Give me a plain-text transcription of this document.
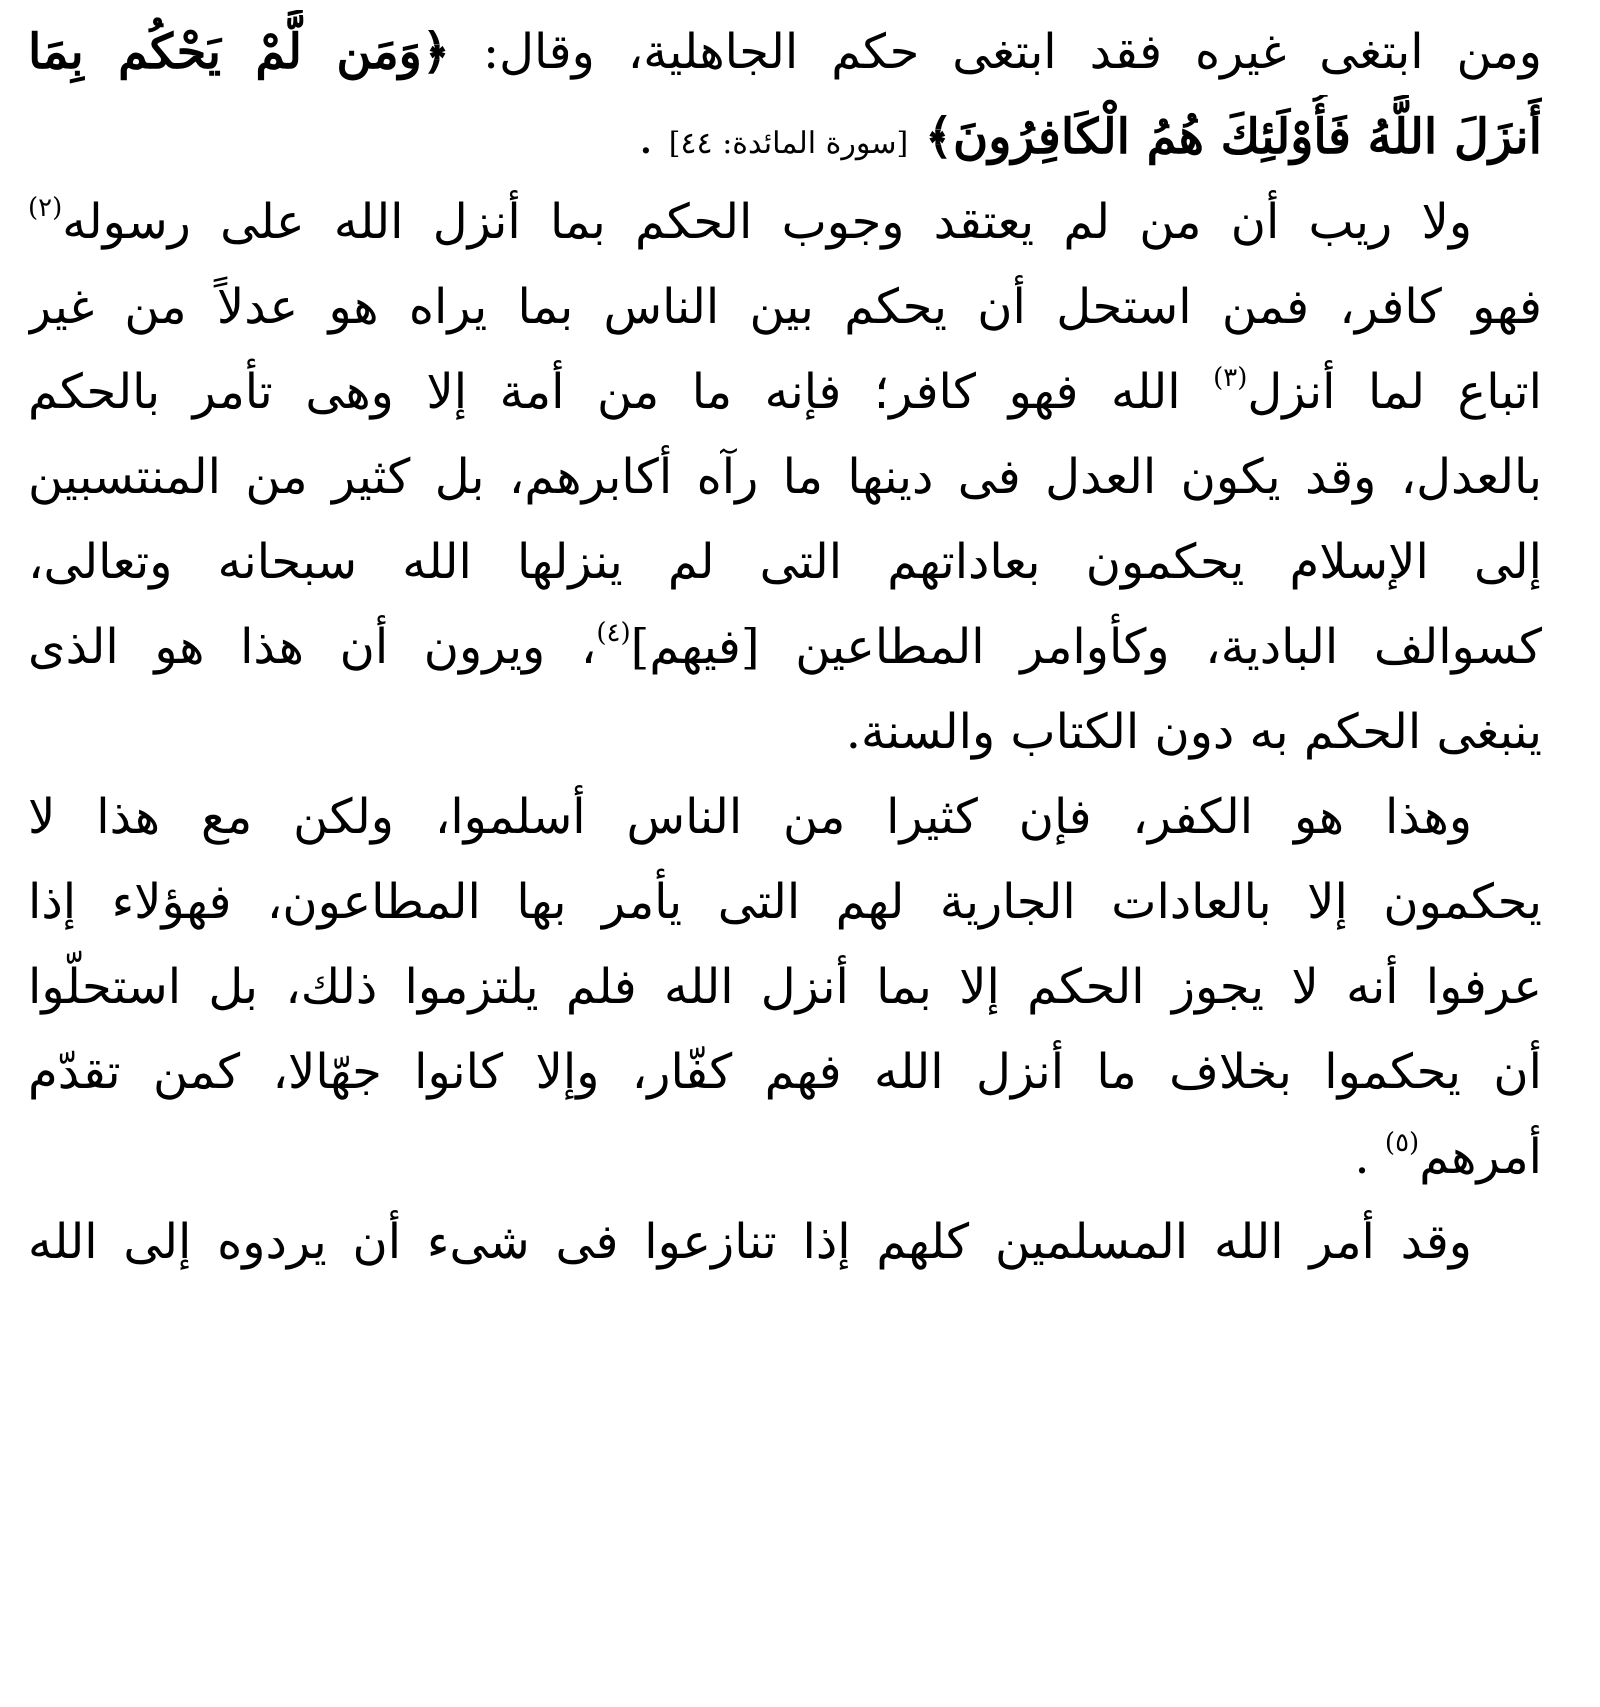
ومن ابتغى غيره فقد ابتغى حكم الجاهلية، وقال: ﴿وَمَن لَّمْ يَحْكُم بِمَا
أَنزَلَ اللَّهُ فَأُوْلَئِكَ هُمُ الْكَافِرُونَ﴾ [سورة المائدة: ٤٤] .
ولا ريب أن من لم يعتقد وجوب الحكم بما أنزل الله على رسوله$^{(٢)}$
فهو كافر، فمن استحل أن يحكم بين الناس بما يراه هو عدلاً من غير
اتباع لما أنزل$^{(٣)}$ الله فهو كافر؛ فإنه ما من أمة إلا وهى تأمر بالحكم
بالعدل، وقد يكون العدل فى دينها ما رآه أكابرهم، بل كثير من المنتسبين
إلى الإسلام يحكمون بعاداتهم التى لم ينزلها الله سبحانه وتعالى،
كسوالف البادية، وكأوامر المطاعين [فيهم]$^{(٤)}$، ويرون أن هذا هو الذى
ينبغى الحكم به دون الكتاب والسنة.
وهذا هو الكفر، فإن كثيرا من الناس أسلموا، ولكن مع هذا لا
يحكمون إلا بالعادات الجارية لهم التى يأمر بها المطاعون، فهؤلاء إذا
عرفوا أنه لا يجوز الحكم إلا بما أنزل الله فلم يلتزموا ذلك، بل استحلّوا
أن يحكموا بخلاف ما أنزل الله فهم كفّار، وإلا كانوا جهّالا، كمن تقدّم
أمرهم$^{(٥)}$ .
وقد أمر الله المسلمين كلهم إذا تنازعوا فى شىء أن يردوه إلى الله
